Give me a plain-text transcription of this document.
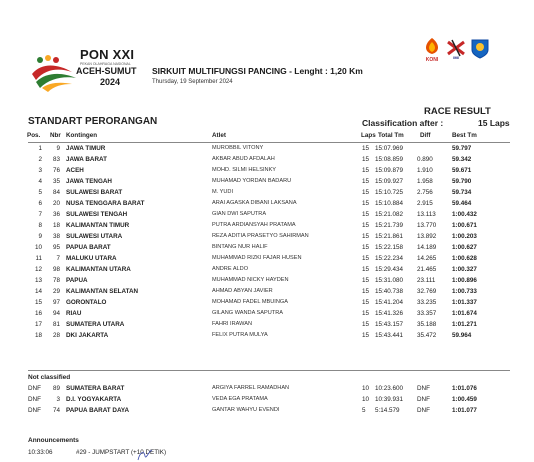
PON XXI
PEKAN OLAHRAGA NASIONAL
ACEH-SUMUT
2024
SIRKUIT MULTIFUNGSI PANCING - Lenght : 1,20 Km
Thursday, 19 September 2024
KONI	IMI
STANDART PERORANGAN
RACE RESULT
Classification after :	15 Laps
Pos. Nbr Kontingen	Atlet	Laps Total Tm	Diff	Best Tm
1	9 JAWA TIMUR	MUROBBIL VITONY	15 15:07.969	59.797
2	83 JAWA BARAT	AKBAR ABUD AFDALAH	15 15:08.859 0.890	59.342
3	76 ACEH	MOHD. SILMI HELSINKY	15 15:09.879 1.910	59.671
4	35 JAWA TENGAH	MUHAMAD YORDAN BADARU	15 15:09.927 1.958	59.790
5	84 SULAWESI BARAT	M. YUDI	15 15:10.725 2.756	59.734
6	20 NUSA TENGGARA BARAT	ARAI AGASKA DIBANI LAKSANA	15 15:10.884 2.915	59.464
7	36 SULAWESI TENGAH	GIAN DWI SAPUTRA	15 15:21.082 13.113	1:00.432
8	18 KALIMANTAN TIMUR	PUTRA ARDIANSYAH PRATAMA	15 15:21.739 13.770 1:00.671
9	38 SULAWESI UTARA	REZA ADITIA PRASETYO SAHIRMAN	15 15:21.861 13.892 1:00.203
10	95 PAPUA BARAT	BINTANG NUR HALIF	15 15:22.158 14.189 1:00.627
11	7 MALUKU UTARA	MUHAMMAD RIZKI FAJAR HUSEN	15 15:22.234 14.265 1:00.628
12	98 KALIMANTAN UTARA	ANDRE ALDO	15 15:29.434 21.465 1:00.327
13	78 PAPUA	MUHAMMAD NICKY HAYDEN	15 15:31.080 23.111	1:00.896
14	29 KALIMANTAN SELATAN	AHMAD ABYAN JAVIER	15 15:40.738 32.769 1:00.733
15	97 GORONTALO	MOHAMAD FADEL MBUINGA	15 15:41.204 33.235 1:01.337
16	94 RIAU	GILANG WANDA SAPUTRA	15 15:41.326 33.357 1:01.674
17	81 SUMATERA UTARA	FAHRI IRAWAN	15 15:43.157 35.188 1:01.271
18	28 DKI JAKARTA	FELIX PUTRA MULYA	15 15:43.441 35.472 59.964
Not classified
DNF	89 SUMATERA BARAT	ARGIYA FARREL RAMADHAN	10 10:23.600 DNF	1:01.076
DNF	3 D.I. YOGYAKARTA	VEDA EGA PRATAMA	10 10:39.931 DNF	1:00.459
DNF	74 PAPUA BARAT DAYA	GANTAR WAHYU EVENDI	5 5:14.579	DNF	1:01.077
Announcements
10:33:06	#29 - JUMPSTART (+10 DETIK)
